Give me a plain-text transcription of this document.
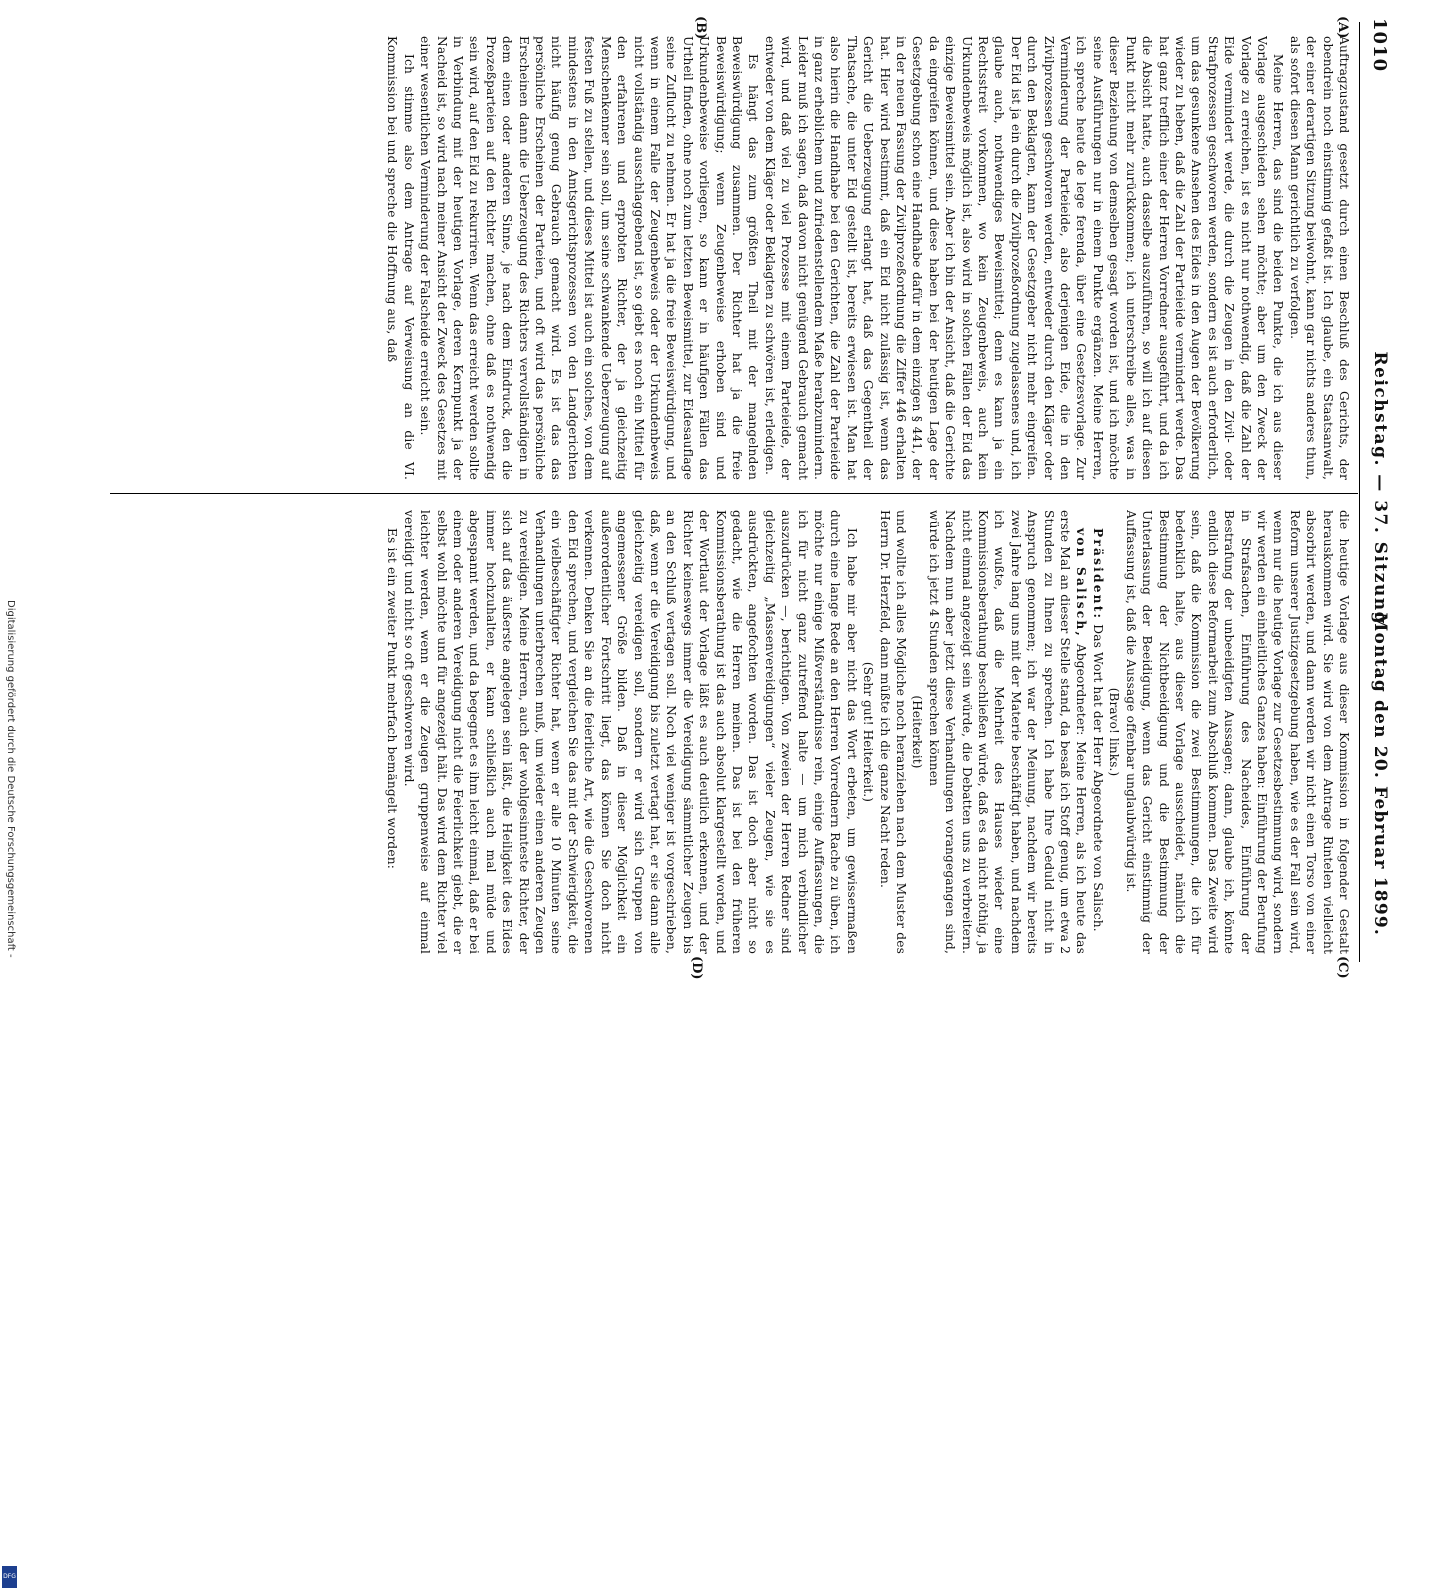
1010
Reichstag. — 37. Sitzung.
Montag den 20. Februar 1899.
(A)
(B)
(C)
(D)

Auftragzustand gesetzt durch einen Beschluß des Gerichts, der obendrein noch einstimmig gefaßt ist. Ich glaube, ein Staatsanwalt, der einer derartigen Sitzung beiwohnt, kann gar nichts anderes thun, als sofort diesen Mann gerichtlich zu verfolgen.

Meine Herren, das sind die beiden Punkte, die ich aus dieser Vorlage ausgeschieden sehen möchte; aber um den Zweck der Vorlage zu erreichen, ist es nicht nur nothwendig, daß die Zahl der Eide vermindert werde, die durch die Zeugen in den Zivil- oder Strafprozessen geschworen werden, sondern es ist auch erforderlich, um das gesunkene Ansehen des Eides in den Augen der Bevölkerung wieder zu heben, daß die Zahl der Parteieide vermindert werde. Das hat ganz trefflich einer der Herren Vorredner ausgeführt, und da ich die Absicht hatte, auch dasselbe auszuführen, so will ich auf diesen Punkt nicht mehr zurückkommen; ich unterschreibe alles, was in dieser Beziehung von demselben gesagt worden ist, und ich möchte seine Ausführungen nur in einem Punkte ergänzen. Meine Herren, ich spreche heute de lege ferenda, über eine Gesetzesvorlage. Zur Verminderung der Parteieide, also derjenigen Eide, die in den Zivilprozessen geschworen werden, entweder durch den Kläger oder durch den Beklagten, kann der Gesetzgeber nicht mehr eingreifen. Der Eid ist ja ein durch die Zivilprozeßordnung zugelassenes und, ich glaube auch, nothwendiges Beweismittel; denn es kann ja ein Rechtsstreit vorkommen, wo kein Zeugenbeweis, auch kein Urkundenbeweis möglich ist, also wird in solchen Fällen der Eid das einzige Beweismittel sein. Aber ich bin der Ansicht, daß die Gerichte da eingreifen können, und diese haben bei der heutigen Lage der Gesetzgebung schon eine Handhabe dafür in dem einzigen § 441, der in der neuen Fassung der Zivilprozeßordnung die Ziffer 446 erhalten hat. Hier wird bestimmt, daß ein Eid nicht zulässig ist, wenn das Gericht die Ueberzeugung erlangt hat, daß das Gegentheil der Thatsache, die unter Eid gestellt ist, bereits erwiesen ist. Man hat also hierin die Handhabe bei den Gerichten, die Zahl der Parteieide in ganz erheblichem und zufriedenstellendem Maße herabzumindern. Leider muß ich sagen, daß davon nicht genügend Gebrauch gemacht wird, und daß viel zu viel Prozesse mit einem Parteieide, der entweder von dem Kläger oder Beklagten zu schwören ist, erledigen.

Es hängt das zum größten Theil mit der mangelnden Beweiswürdigung zusammen. Der Richter hat ja die freie Beweiswürdigung; wenn Zeugenbeweise erhoben sind und Urkundenbeweise vorliegen, so kann er in häufigen Fällen das Urtheil finden, ohne noch zum letzten Beweismittel, zur Eidesauflage seine Zuflucht zu nehmen. Er hat ja die freie Beweiswürdigung, und wenn in einem Falle der Zeugenbeweis oder der Urkundenbeweis nicht vollständig ausschlaggebend ist, so giebt es noch ein Mittel für den erfahrenen und erprobten Richter, der ja gleichzeitig Menschenkenner sein soll, um seine schwankende Ueberzeugung auf festen Fuß zu stellen, und dieses Mittel ist auch ein solches, von dem mindestens in den Amtsgerichtsprozessen von den Landgerichten nicht häufig genug Gebrauch gemacht wird. Es ist das das persönliche Erscheinen der Parteien, und oft wird das persönliche Erscheinen dann die Ueberzeugung des Richters vervollständigen in dem einen oder anderen Sinne, je nach dem Eindruck, den die Prozeßparteien auf den Richter machen, ohne daß es nothwendig sein wird, auf den Eid zu rekurriren. Wenn das erreicht werden sollte in Verbindung mit der heutigen Vorlage, deren Kernpunkt ja der Nacheid ist, so wird nach meiner Ansicht der Zweck des Gesetzes mit einer wesentlichen Verminderung der Falscheide erreicht sein.

Ich stimme also dem Antrage auf Verweisung an die VI. Kommission bei und spreche die Hoffnung aus, daß

die heutige Vorlage aus dieser Kommission in folgender Gestalt herauskommen wird. Sie wird von dem Antrage Rintelen vielleicht absorbirt werden, und dann werden wir nicht einen Torso von einer Reform unserer Justizgesetzgebung haben, wie es der Fall sein wird, wenn nur die heutige Vorlage zur Gesetzesbestimmung wird, sondern wir werden ein einheitliches Ganzes haben: Einführung der Berufung in Strafsachen, Einführung des Nacheides, Einführung der Bestrafung der unbeeidigten Aussagen; dann, glaube ich, könnte endlich diese Reformarbeit zum Abschluß kommen. Das Zweite wird sein, daß die Kommission die zwei Bestimmungen, die ich für bedenklich halte, aus dieser Vorlage ausscheidet, nämlich die Bestimmung der Nichtbeeidigung und die Bestimmung der Unterlassung der Beeidigung, wenn das Gericht einstimmig der Auffassung ist, daß die Aussage offenbar unglaubwürdig ist.

(Bravo! links.)

Präsident: Das Wort hat der Herr Abgeordnete von Salisch.

von Salisch, Abgeordneter: Meine Herren, als ich heute das erste Mal an dieser Stelle stand, da besaß ich Stoff genug, um etwa 2 Stunden zu Ihnen zu sprechen. Ich habe Ihre Geduld nicht in Anspruch genommen; ich war der Meinung, nachdem wir bereits zwei Jahre lang uns mit der Materie beschäftigt haben, und nachdem ich wußte, daß die Mehrheit des Hauses wieder eine Kommissionsberathung beschließen würde, daß es da nicht nöthig, ja nicht einmal angezeigt sein würde, die Debatten uns zu verbreitern. Nachdem nun aber jetzt diese Verhandlungen vorangegangen sind, würde ich jetzt 4 Stunden sprechen können

(Heiterkeit)

und wollte ich alles Mögliche noch heranziehen nach dem Muster des Herrn Dr. Herzfeld, dann müßte ich die ganze Nacht reden.

(Sehr gut! Heiterkeit.)

Ich habe mir aber nicht das Wort erbeten, um gewissermaßen durch eine lange Rede an den Herren Vorrednern Rache zu üben, ich möchte nur einige Mißverständnisse rein, einige Auffassungen, die ich für nicht ganz zutreffend halte — um mich verbindlicher auszudrücken —, berichtigen. Von zweien der Herren Redner sind gleichzeitig „Massenvereidigungen“ vieler Zeugen, wie sie es ausdrückten, angefochten worden. Das ist doch aber nicht so gedacht, wie die Herren meinen. Das ist bei den früheren Kommissionsberathung ist das auch absolut klargestellt worden, und der Wortlaut der Vorlage läßt es auch deutlich erkennen, und der Richter keineswegs immer die Vereidigung sämmtlicher Zeugen bis an den Schluß vertagen soll. Noch viel weniger ist vorgeschrieben, daß, wenn er die Vereidigung bis zuletzt vertagt hat, er sie dann alle gleichzeitig vereidigen soll, sondern er wird sich Gruppen von angemessener Größe bilden. Daß in dieser Möglichkeit ein außerordentlicher Fortschritt liegt, das können Sie doch nicht verkennen. Denken Sie an die feierliche Art, wie die Geschworenen den Eid sprechen, und vergleichen Sie das mit der Schwierigkeit, die ein vielbeschäftigter Richter hat, wenn er alle 10 Minuten seine Verhandlungen unterbrechen muß, um wieder einen anderen Zeugen zu vereidigen. Meine Herren, auch der wohlgesinnteste Richter, der sich auf das äußerste angelegen sein läßt, die Heiligkeit des Eides immer hochzuhalten, er kann schließlich auch mal müde und abgespannt werden, und da begegnet es ihm leicht einmal, daß er bei einem oder anderen Vereidigung nicht die Feierlichkeit giebt, die er selbst wohl möchte und für angezeigt hält. Das wird dem Richter viel leichter werden, wenn er die Zeugen gruppenweise auf einmal vereidigt und nicht so oft geschworen wird.

Es ist ein zweiter Punkt mehrfach bemängelt worden:

Digitalisierung gefördert durch die Deutsche Forschungsgemeinschaft -
DFG
